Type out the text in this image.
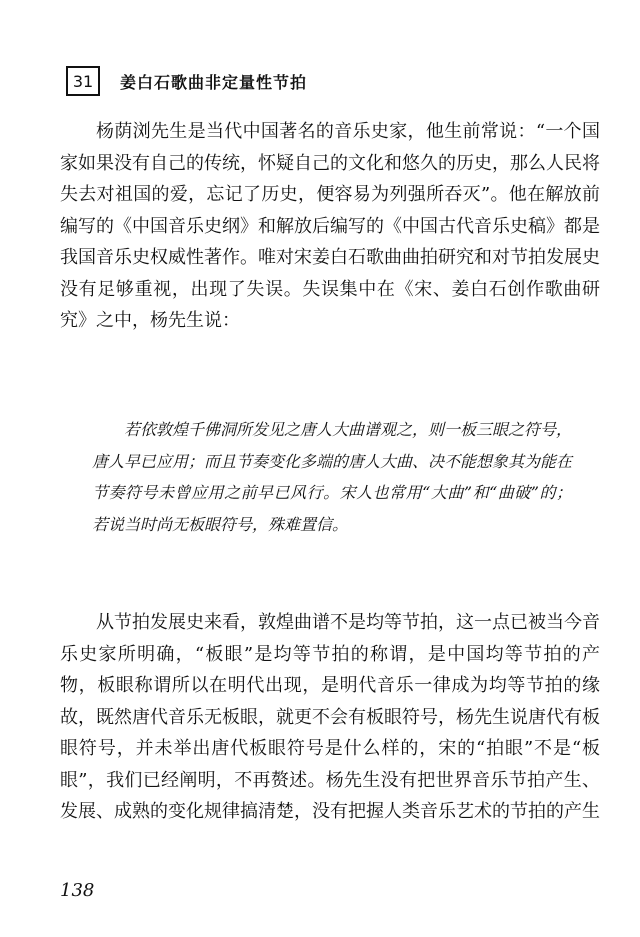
31	姜白石歌曲非定量性节拍
杨荫浏先生是当代中国著名的音乐史家，他生前常说：“一个国家如果没有自己的传统，怀疑自己的文化和悠久的历史，那么人民将失去对祖国的爱，忘记了历史，便容易为列强所吞灭”。他在解放前编写的《中国音乐史纲》和解放后编写的《中国古代音乐史稿》都是我国音乐史权威性著作。唯对宋姜白石歌曲曲拍研究和对节拍发展史没有足够重视，出现了失误。失误集中在《宋、姜白石创作歌曲研究》之中，杨先生说：
若依敦煌千佛洞所发见之唐人大曲谱观之，则一板三眼之符号，唐人早已应用；而且节奏变化多端的唐人大曲、决不能想象其为能在节奏符号未曾应用之前早已风行。宋人也常用“大曲”和“曲破”的；若说当时尚无板眼符号，殊难置信。
从节拍发展史来看，敦煌曲谱不是均等节拍，这一点已被当今音乐史家所明确，“板眼”是均等节拍的称谓，是中国均等节拍的产物，板眼称谓所以在明代出现，是明代音乐一律成为均等节拍的缘故，既然唐代音乐无板眼，就更不会有板眼符号，杨先生说唐代有板眼符号，并未举出唐代板眼符号是什么样的，宋的“拍眼”不是“板眼”，我们已经阐明，不再赘述。杨先生没有把世界音乐节拍产生、发展、成熟的变化规律搞清楚，没有把握人类音乐艺术的节拍的产生
138
